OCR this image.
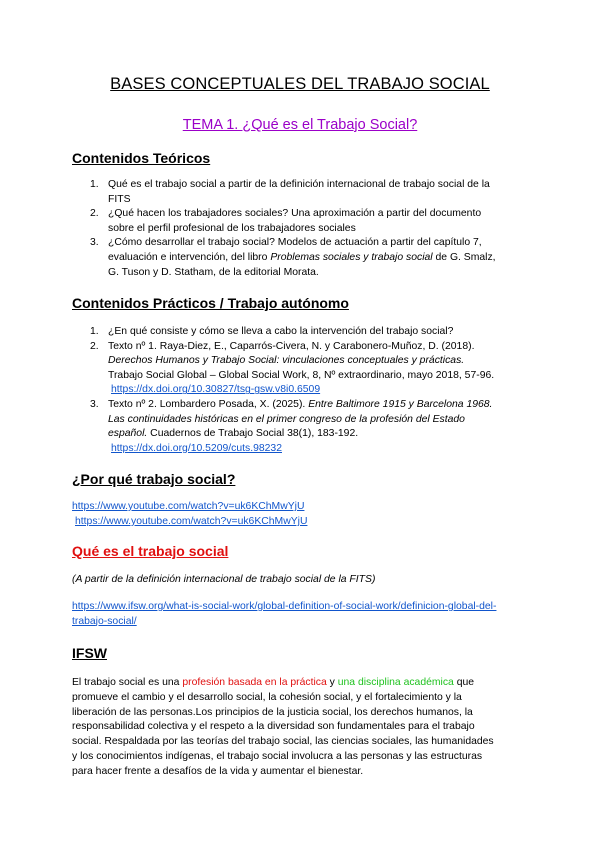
BASES CONCEPTUALES DEL TRABAJO SOCIAL
TEMA 1. ¿Qué es el Trabajo Social?
Contenidos Teóricos
1. Qué es el trabajo social a partir de la definición internacional de trabajo social de la
FITS
2. ¿Qué hacen los trabajadores sociales? Una aproximación a partir del documento
sobre el perfil profesional de los trabajadores sociales
3. ¿Cómo desarrollar el trabajo social? Modelos de actuación a partir del capítulo 7,
evaluación e intervención, del libro Problemas sociales y trabajo social de G. Smalz,
G. Tuson y D. Statham, de la editorial Morata.
Contenidos Prácticos / Trabajo autónomo
1. ¿En qué consiste y cómo se lleva a cabo la intervención del trabajo social?
2. Texto nº 1. Raya-Diez, E., Caparrós-Civera, N. y Carabonero-Muñoz, D. (2018).
Derechos Humanos y Trabajo Social: vinculaciones conceptuales y prácticas.
Trabajo Social Global – Global Social Work, 8, Nº extraordinario, mayo 2018, 57-96.
https://dx.doi.org/10.30827/tsg-gsw.v8i0.6509
3. Texto nº 2. Lombardero Posada, X. (2025). Entre Baltimore 1915 y Barcelona 1968.
Las continuidades históricas en el primer congreso de la profesión del Estado
español. Cuadernos de Trabajo Social 38(1), 183-192.
https://dx.doi.org/10.5209/cuts.98232
¿Por qué trabajo social?
https://www.youtube.com/watch?v=uk6KChMwYjU
https://www.youtube.com/watch?v=uk6KChMwYjU
Qué es el trabajo social
(A partir de la definición internacional de trabajo social de la FITS)
https://www.ifsw.org/what-is-social-work/global-definition-of-social-work/definicion-global-del-
trabajo-social/
IFSW
El trabajo social es una profesión basada en la práctica y una disciplina académica que
promueve el cambio y el desarrollo social, la cohesión social, y el fortalecimiento y la
liberación de las personas.Los principios de la justicia social, los derechos humanos, la
responsabilidad colectiva y el respeto a la diversidad son fundamentales para el trabajo
social. Respaldada por las teorías del trabajo social, las ciencias sociales, las humanidades
y los conocimientos indígenas, el trabajo social involucra a las personas y las estructuras
para hacer frente a desafíos de la vida y aumentar el bienestar.
